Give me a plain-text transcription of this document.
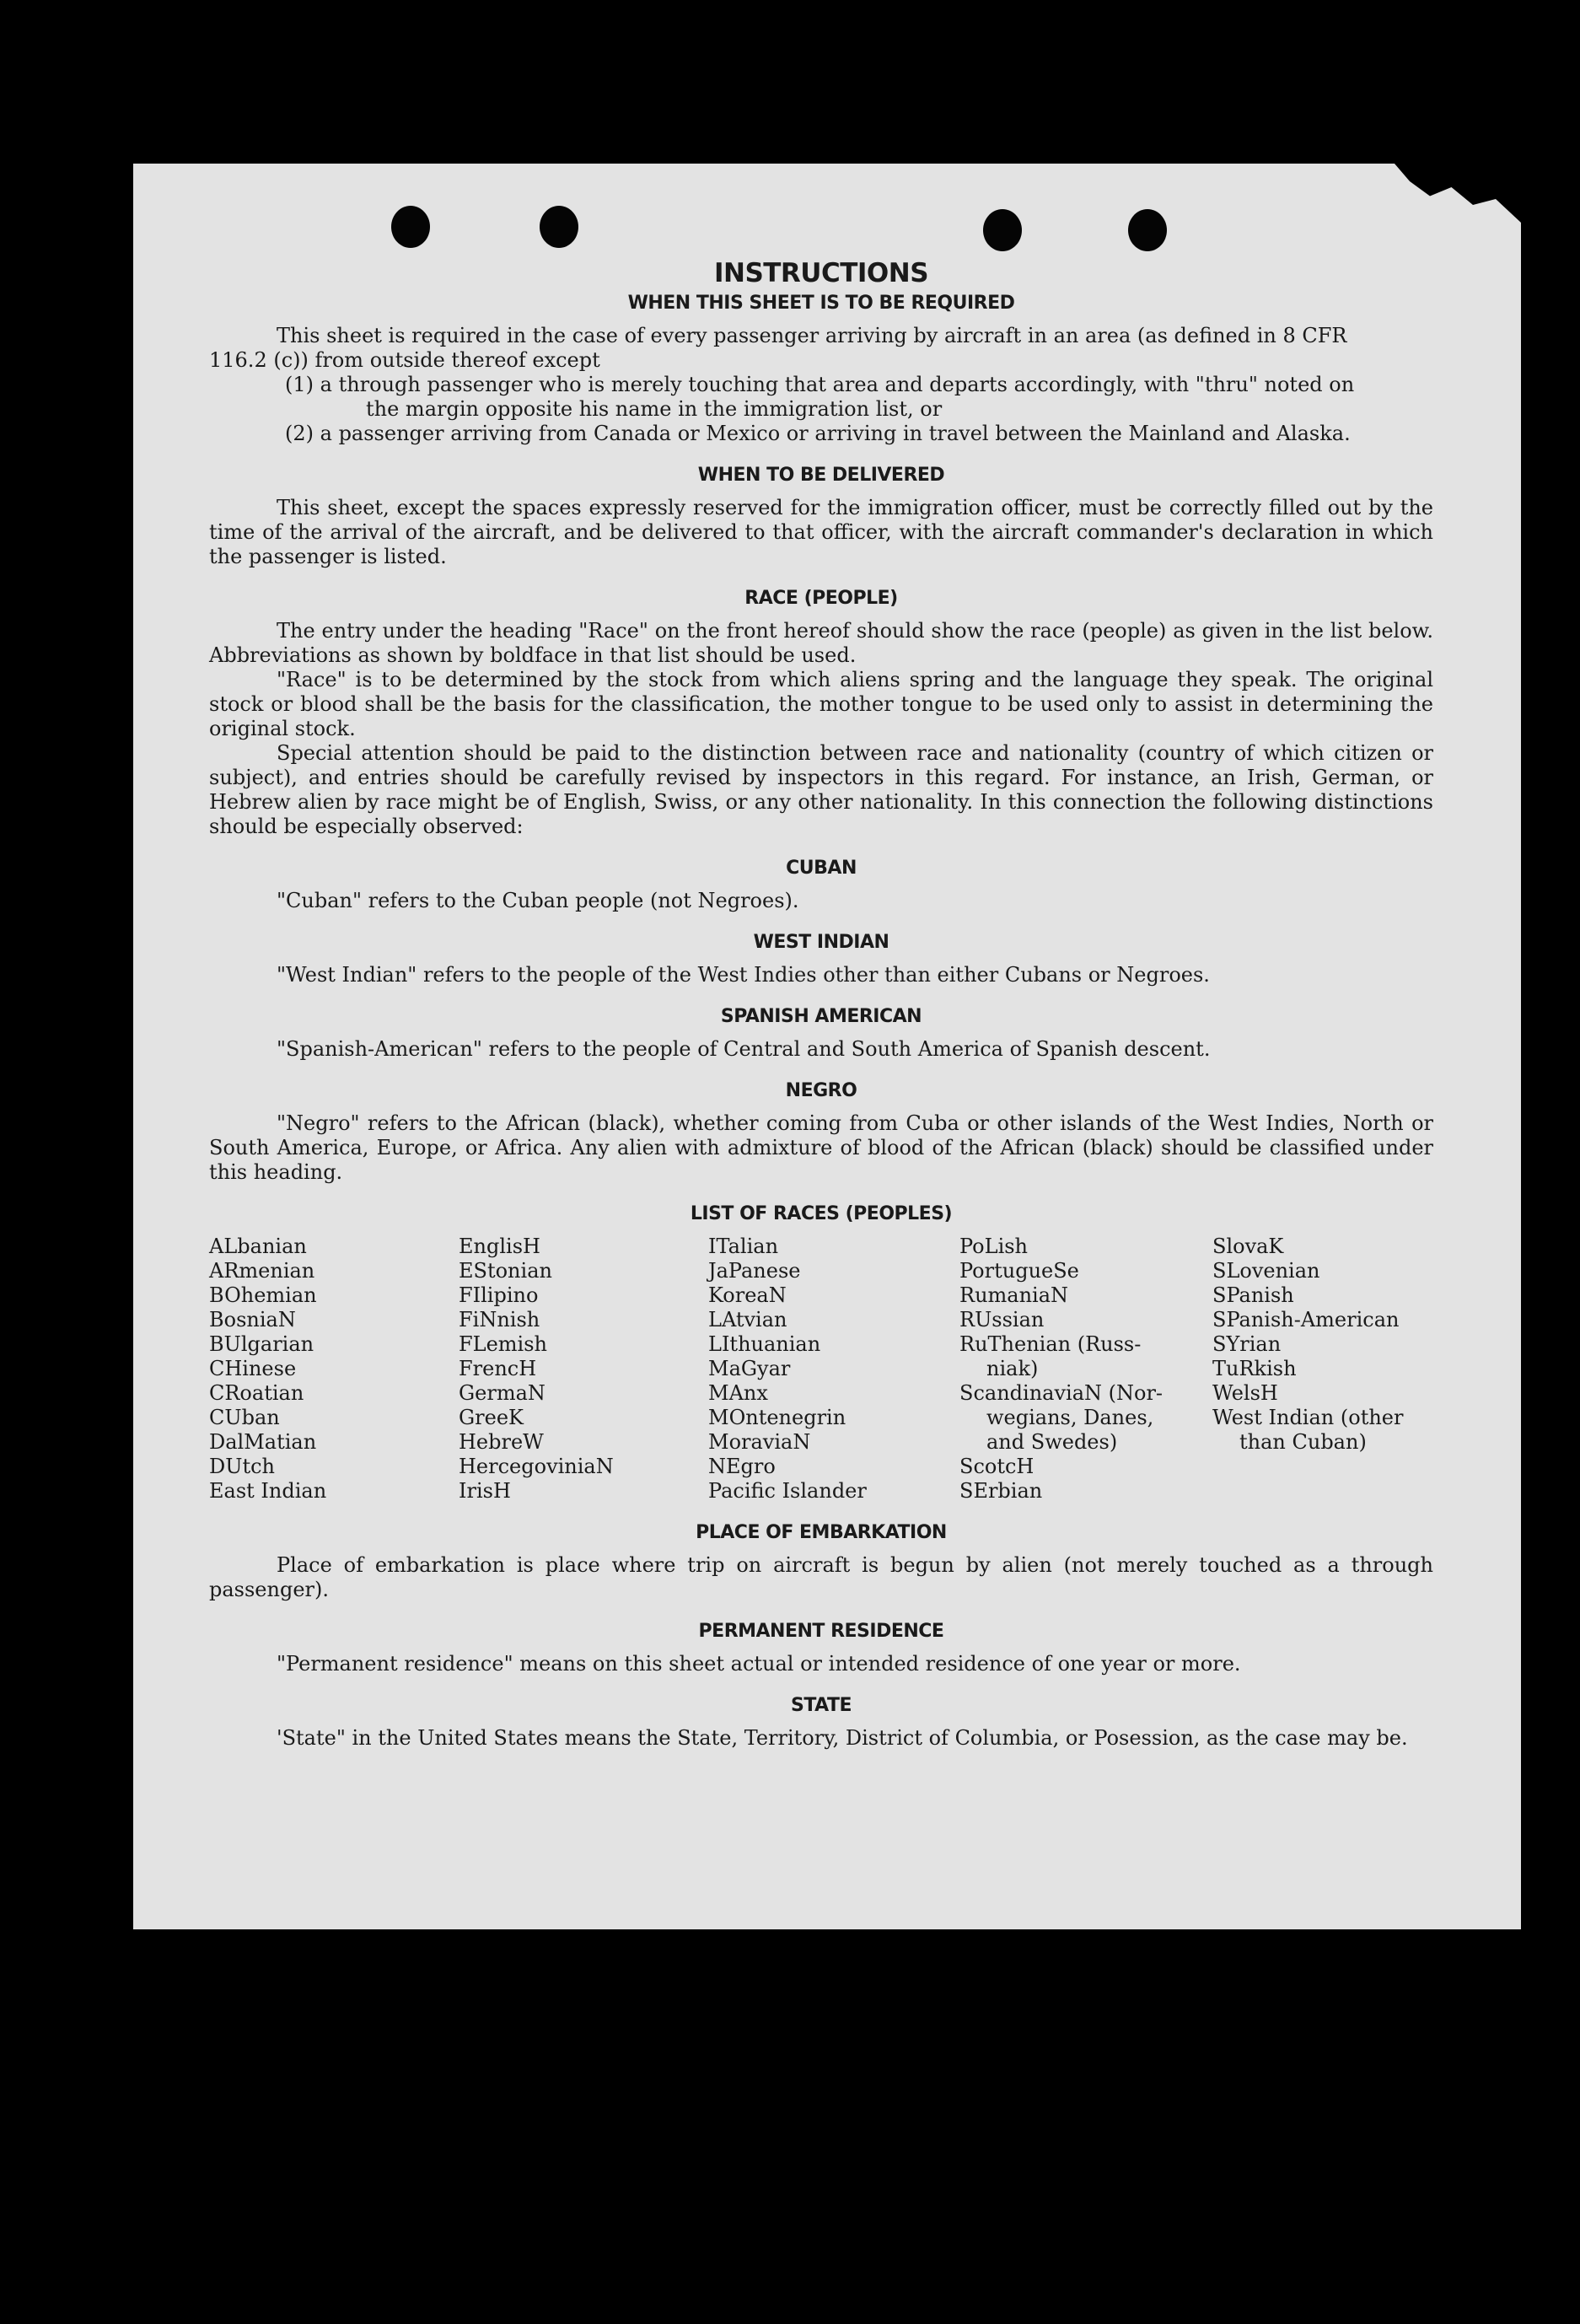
INSTRUCTIONS
WHEN THIS SHEET IS TO BE REQUIRED

This sheet is required in the case of every passenger arriving by aircraft in an area (as defined in 8 CFR

116.2 (c)) from outside thereof except

(1) a through passenger who is merely touching that area and departs accordingly, with "thru" noted on

the margin opposite his name in the immigration list, or

(2) a passenger arriving from Canada or Mexico or arriving in travel between the Mainland and Alaska.

WHEN TO BE DELIVERED

This sheet, except the spaces expressly reserved for the immigration officer, must be correctly filled out by the time of the arrival of the aircraft, and be delivered to that officer, with the aircraft commander's declaration in which the passenger is listed.

RACE (PEOPLE)

The entry under the heading "Race" on the front hereof should show the race (people) as given in the list below. Abbreviations as shown by boldface in that list should be used.

"Race" is to be determined by the stock from which aliens spring and the language they speak. The original stock or blood shall be the basis for the classification, the mother tongue to be used only to assist in determining the original stock.

Special attention should be paid to the distinction between race and nationality (country of which citizen or subject), and entries should be carefully revised by inspectors in this regard. For instance, an Irish, German, or Hebrew alien by race might be of English, Swiss, or any other nationality. In this connection the following distinctions should be especially observed:

CUBAN

"Cuban" refers to the Cuban people (not Negroes).

WEST INDIAN

"West Indian" refers to the people of the West Indies other than either Cubans or Negroes.

SPANISH AMERICAN

"Spanish-American" refers to the people of Central and South America of Spanish descent.

NEGRO

"Negro" refers to the African (black), whether coming from Cuba or other islands of the West Indies, North or South America, Europe, or Africa. Any alien with admixture of blood of the African (black) should be classified under this heading.

LIST OF RACES (PEOPLES)
ALbanian
ARmenian
BOhemian
BosniaN
BUlgarian
CHinese
CRoatian
CUban
DalMatian
DUtch
East Indian
EnglisH
EStonian
FIlipino
FiNnish
FLemish
FrencH
GermaN
GreeK
HebreW
HercegovinіaN
IrisH
ITalian
JaPanese
KoreaN
LAtvian
LIthuanian
MaGyar
MAnx
MOntenegrin
MoraviaN
NEgro
Pacific Islander
PoLish
PortugueSe
RumaniaN
RUssian
RuThenian (Russ-
niak)
ScandinaviaN (Nor-
wegians, Danes,
and Swedes)
ScotcH
SErbian
SlovaK
SLovenian
SPanish
SPanish-American
SYrian
TuRkish
WelsH
West Indian (other
than Cuban)
PLACE OF EMBARKATION

Place of embarkation is place where trip on aircraft is begun by alien (not merely touched as a through passenger).

PERMANENT RESIDENCE

"Permanent residence" means on this sheet actual or intended residence of one year or more.

STATE

'State" in the United States means the State, Territory, District of Columbia, or Posession, as the case may be.
